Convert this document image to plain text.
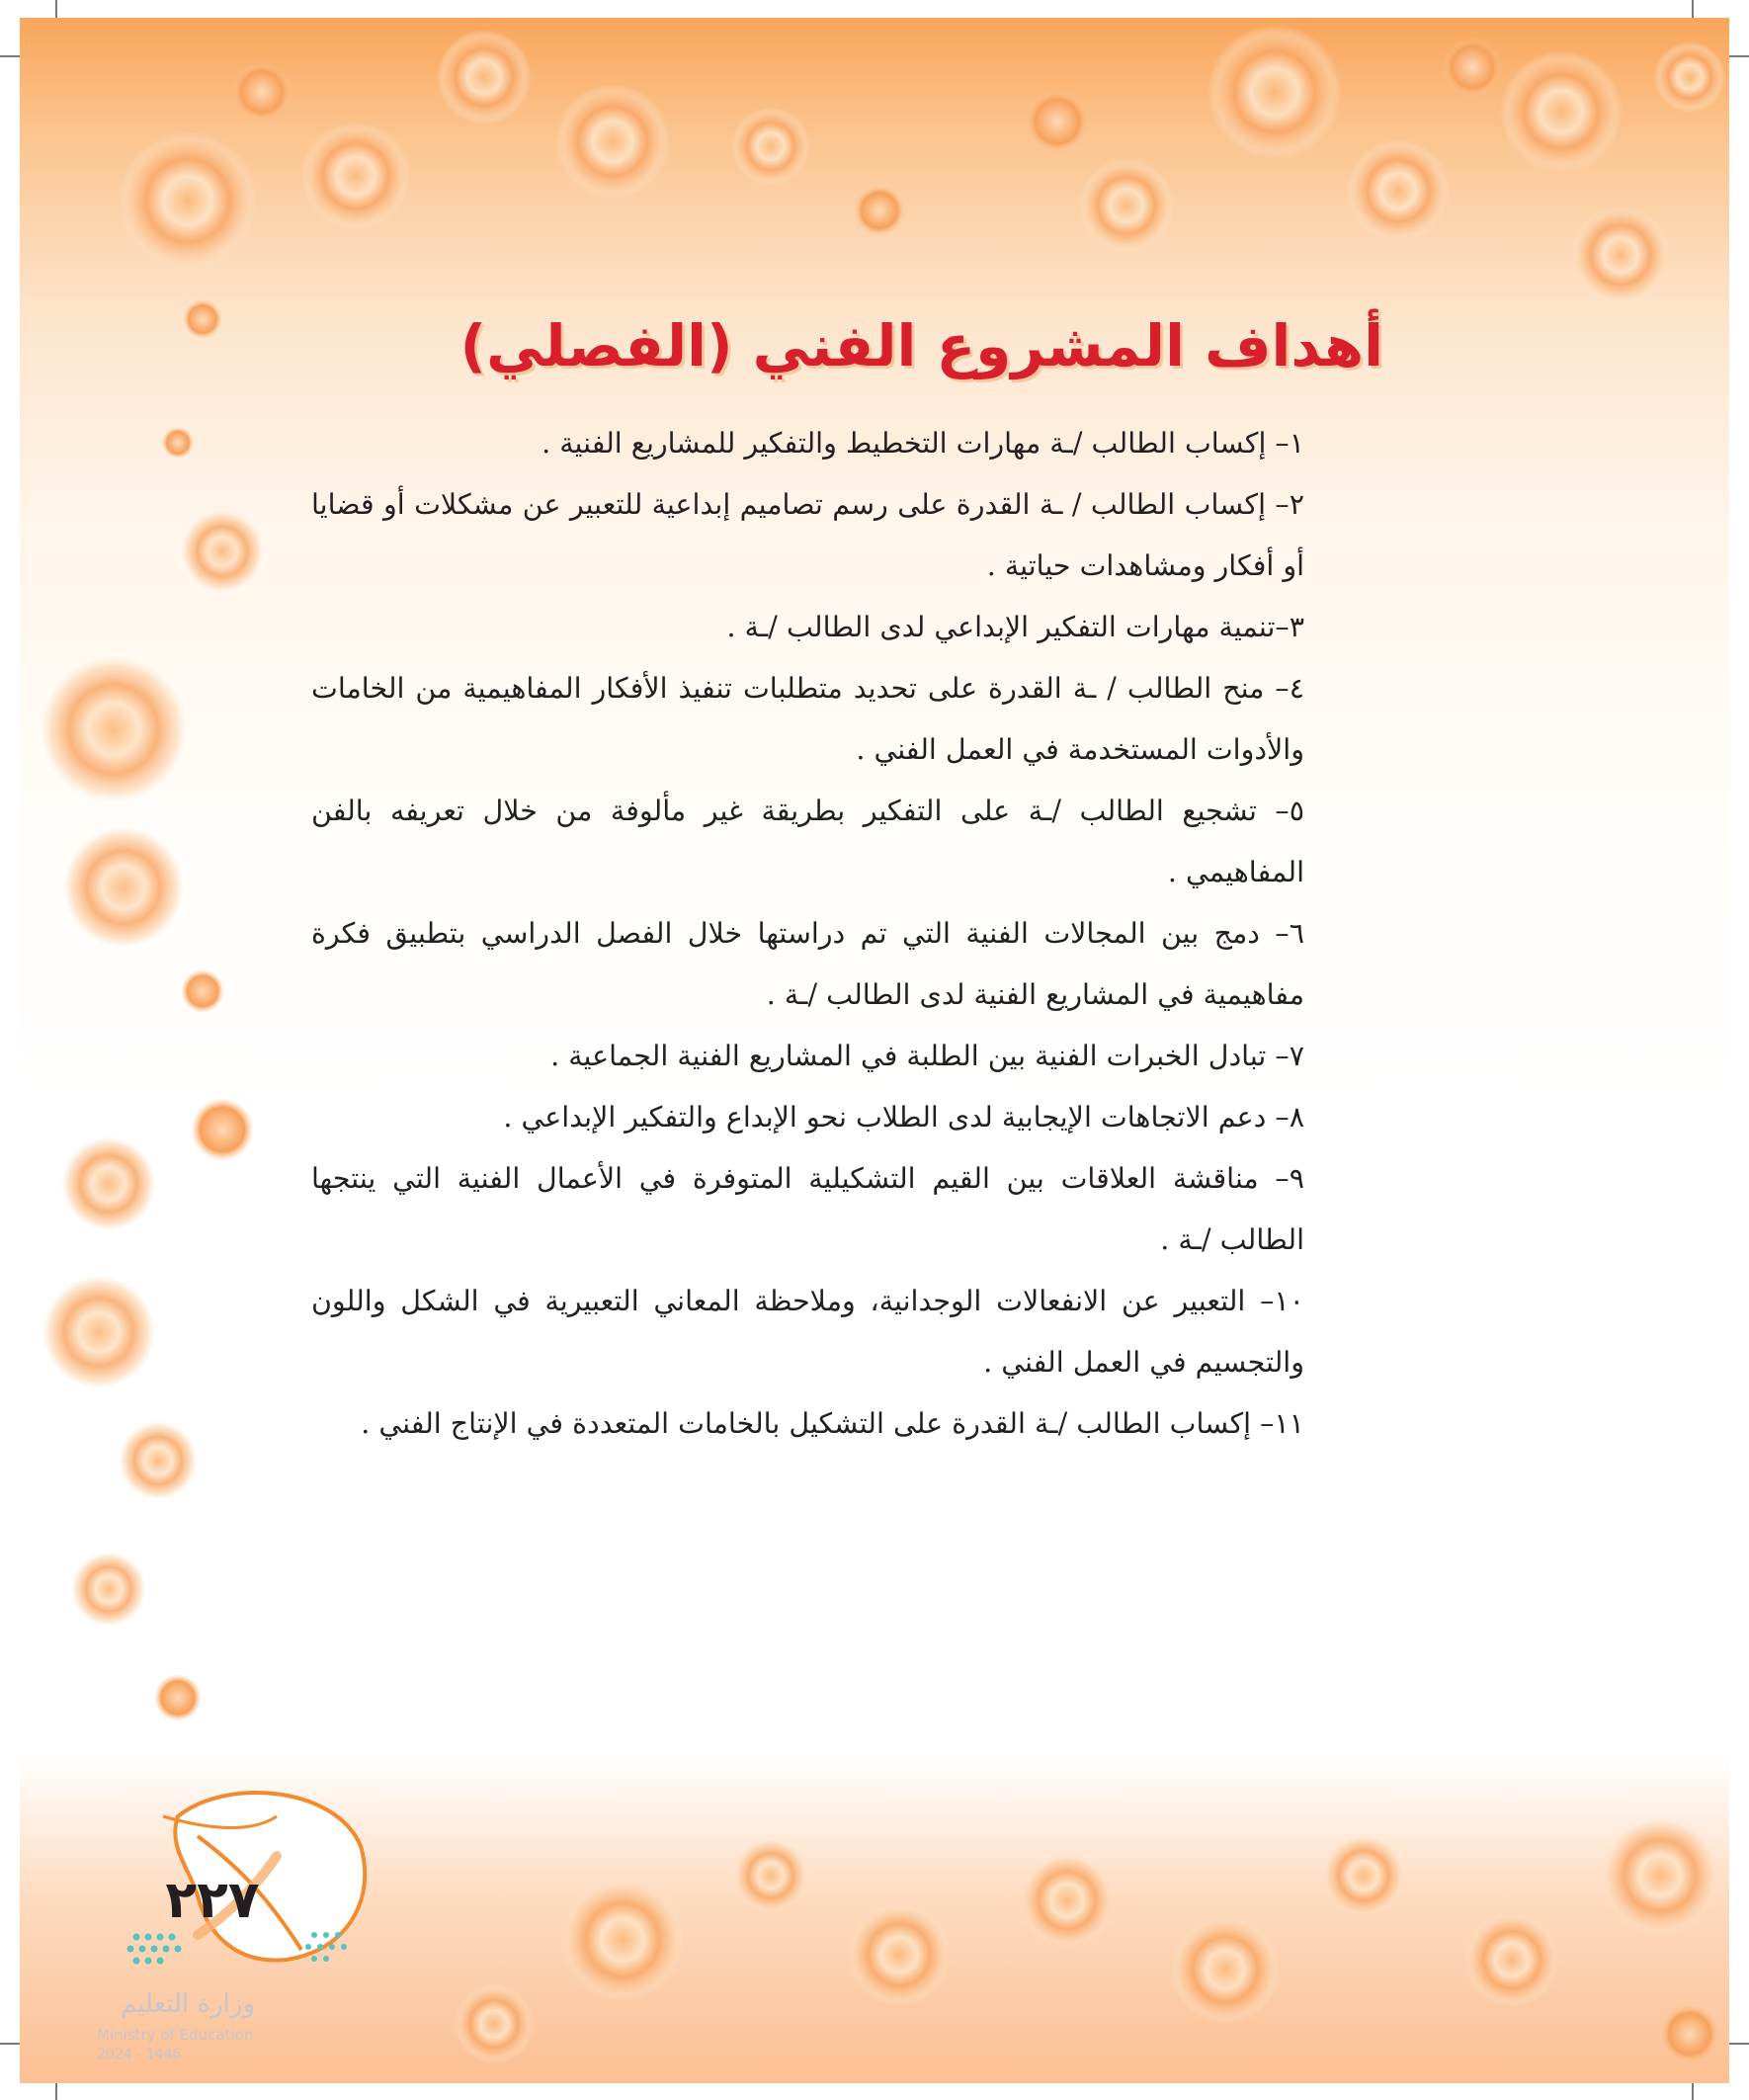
أهداف المشروع الفني (الفصلي)
١– إكساب الطالب /ـة مهارات التخطيط والتفكير للمشاريع الفنية .
٢– إكساب الطالب / ـة القدرة على رسم تصاميم إبداعية للتعبير عن مشكلات أو قضايا أو أفكار ومشاهدات حياتية .
٣–تنمية مهارات التفكير الإبداعي لدى الطالب /ـة .
٤– منح الطالب / ـة القدرة على تحديد متطلبات تنفيذ الأفكار المفاهيمية من الخامات والأدوات المستخدمة في العمل الفني .
٥– تشجيع الطالب /ـة على التفكير بطريقة غير مألوفة من خلال تعريفه بالفن المفاهيمي .
٦– دمج بين المجالات الفنية التي تم دراستها خلال الفصل الدراسي بتطبيق فكرة مفاهيمية في المشاريع الفنية لدى الطالب /ـة .
٧– تبادل الخبرات الفنية بين الطلبة في المشاريع الفنية الجماعية .
٨– دعم الاتجاهات الإيجابية لدى الطلاب نحو الإبداع والتفكير الإبداعي .
٩– مناقشة العلاقات بين القيم التشكيلية المتوفرة في الأعمال الفنية التي ينتجها الطالب /ـة .
١٠– التعبير عن الانفعالات الوجدانية، وملاحظة المعاني التعبيرية في الشكل واللون والتجسيم في العمل الفني .
١١– إكساب الطالب /ـة القدرة على التشكيل بالخامات المتعددة في الإنتاج الفني .
٢٢٧
وزارة التعليم
Ministry of Education
2024 - 1446
